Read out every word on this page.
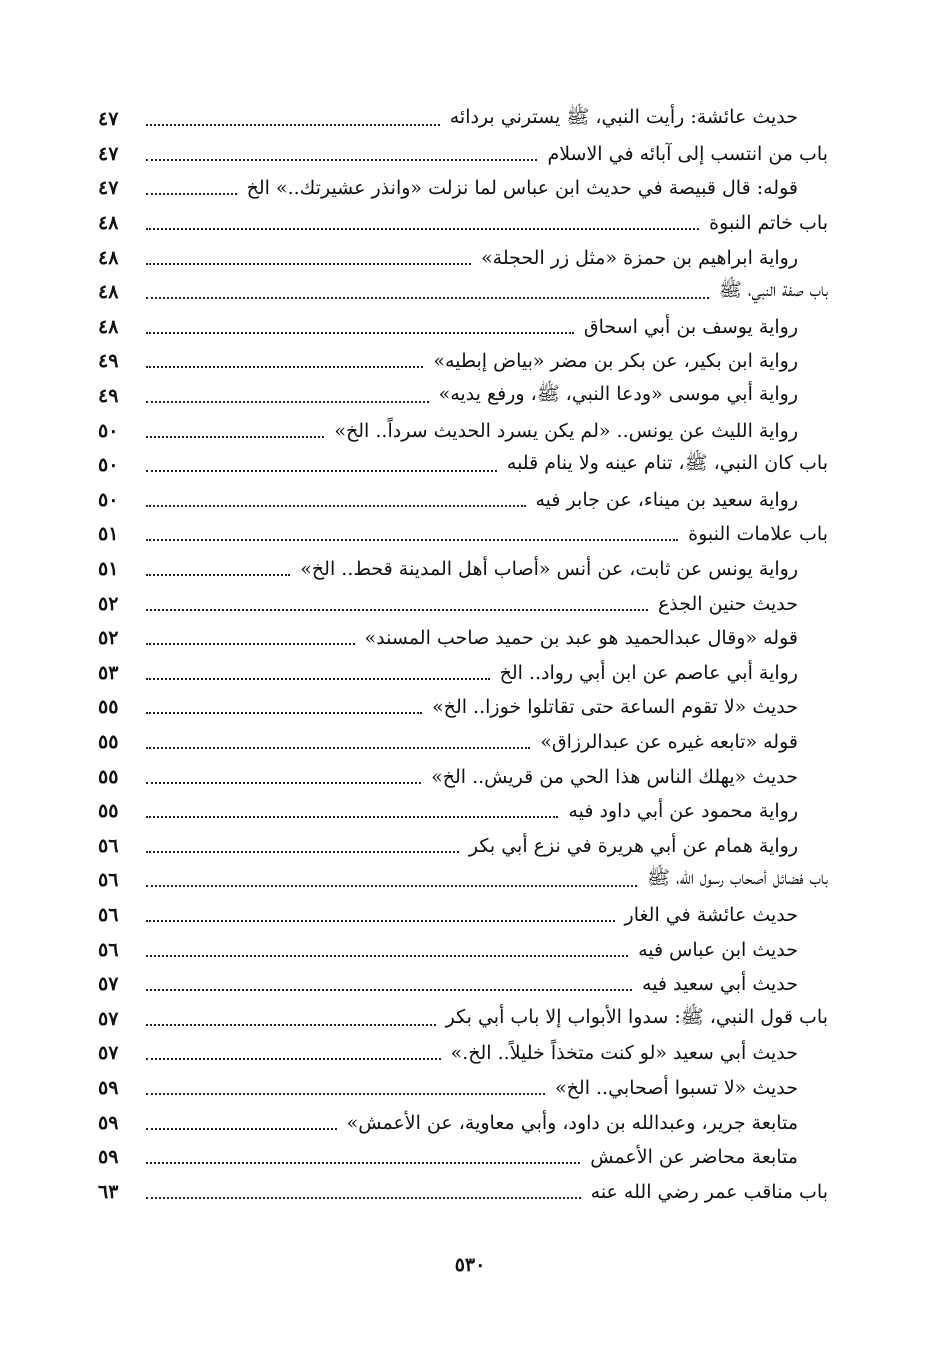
حديث عائشة: رأيت النبي، ﷺ يسترني بردائه
٤٧
باب من انتسب إلى آبائه في الاسلام
٤٧
قوله: قال قبيصة في حديث ابن عباس لما نزلت «وانذر عشيرتك..» الخ
٤٧
باب خاتم النبوة
٤٨
رواية ابراهيم بن حمزة «مثل زر الحجلة»
٤٨
باب صفة النبي، ﷺ
٤٨
رواية يوسف بن أبي اسحاق
٤٨
رواية ابن بكير، عن بكر بن مضر «بياض إبطيه»
٤٩
رواية أبي موسى «ودعا النبي، ﷺ، ورفع يديه»
٤٩
رواية الليث عن يونس.. «لم يكن يسرد الحديث سرداً.. الخ»
٥٠
باب كان النبي، ﷺ، تنام عينه ولا ينام قلبه
٥٠
رواية سعيد بن ميناء، عن جابر فيه
٥٠
باب علامات النبوة
٥١
رواية يونس عن ثابت، عن أنس «أصاب أهل المدينة قحط.. الخ»
٥١
حديث حنين الجذع
٥٢
قوله «وقال عبدالحميد هو عبد بن حميد صاحب المسند»
٥٢
رواية أبي عاصم عن ابن أبي رواد.. الخ
٥٣
حديث «لا تقوم الساعة حتى تقاتلوا خوزا.. الخ»
٥٥
قوله «تابعه غيره عن عبدالرزاق»
٥٥
حديث «يهلك الناس هذا الحي من قريش.. الخ»
٥٥
رواية محمود عن أبي داود فيه
٥٥
رواية همام عن أبي هريرة في نزع أبي بكر
٥٦
باب فضائل أصحاب رسول الله، ﷺ
٥٦
حديث عائشة في الغار
٥٦
حديث ابن عباس فيه
٥٦
حديث أبي سعيد فيه
٥٧
باب قول النبي، ﷺ: سدوا الأبواب إلا باب أبي بكر
٥٧
حديث أبي سعيد «لو كنت متخذاً خليلاً.. الخ.»
٥٧
حديث «لا تسبوا أصحابي.. الخ»
٥٩
متابعة جرير، وعبدالله بن داود، وأبي معاوية، عن الأعمش»
٥٩
متابعة محاضر عن الأعمش
٥٩
باب مناقب عمر رضي الله عنه
٦٣
٥٣٠
